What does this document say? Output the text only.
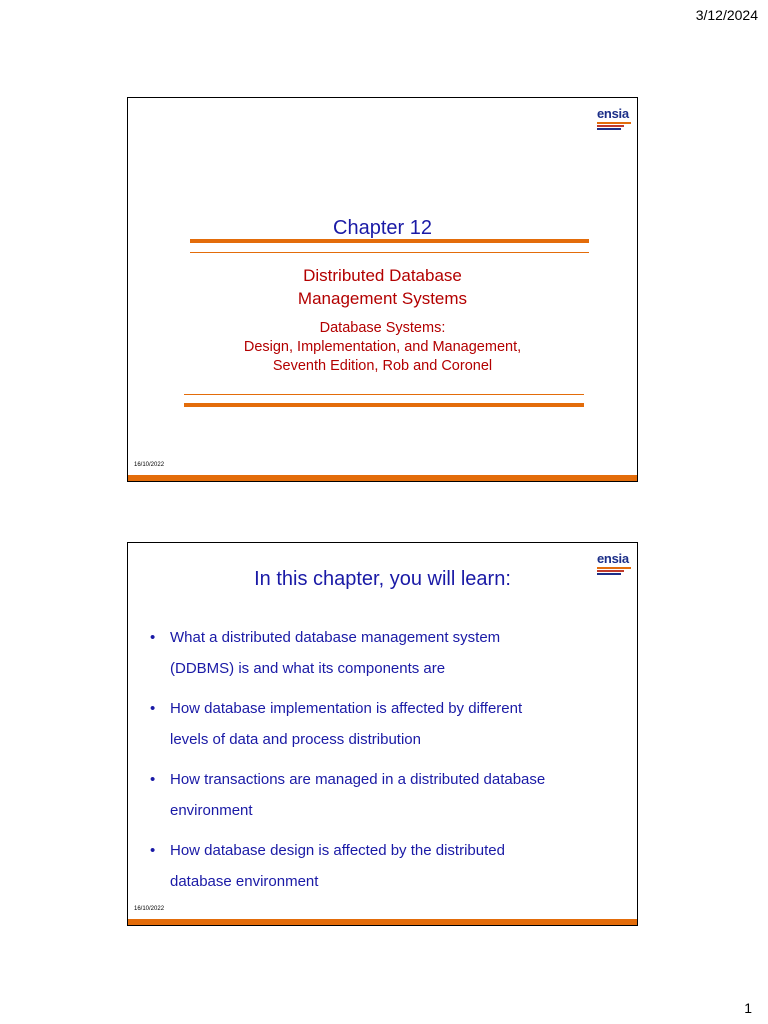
3/12/2024
ensia
Chapter 12
Distributed Database
Management Systems
Database Systems:
Design, Implementation, and Management,
Seventh Edition, Rob and Coronel
16/10/2022
ensia
In this chapter, you will learn:
• What a distributed database management system
(DDBMS) is and what its components are
• How database implementation is affected by different
levels of data and process distribution
• How transactions are managed in a distributed database
environment
• How database design is affected by the distributed
database environment
16/10/2022
1
